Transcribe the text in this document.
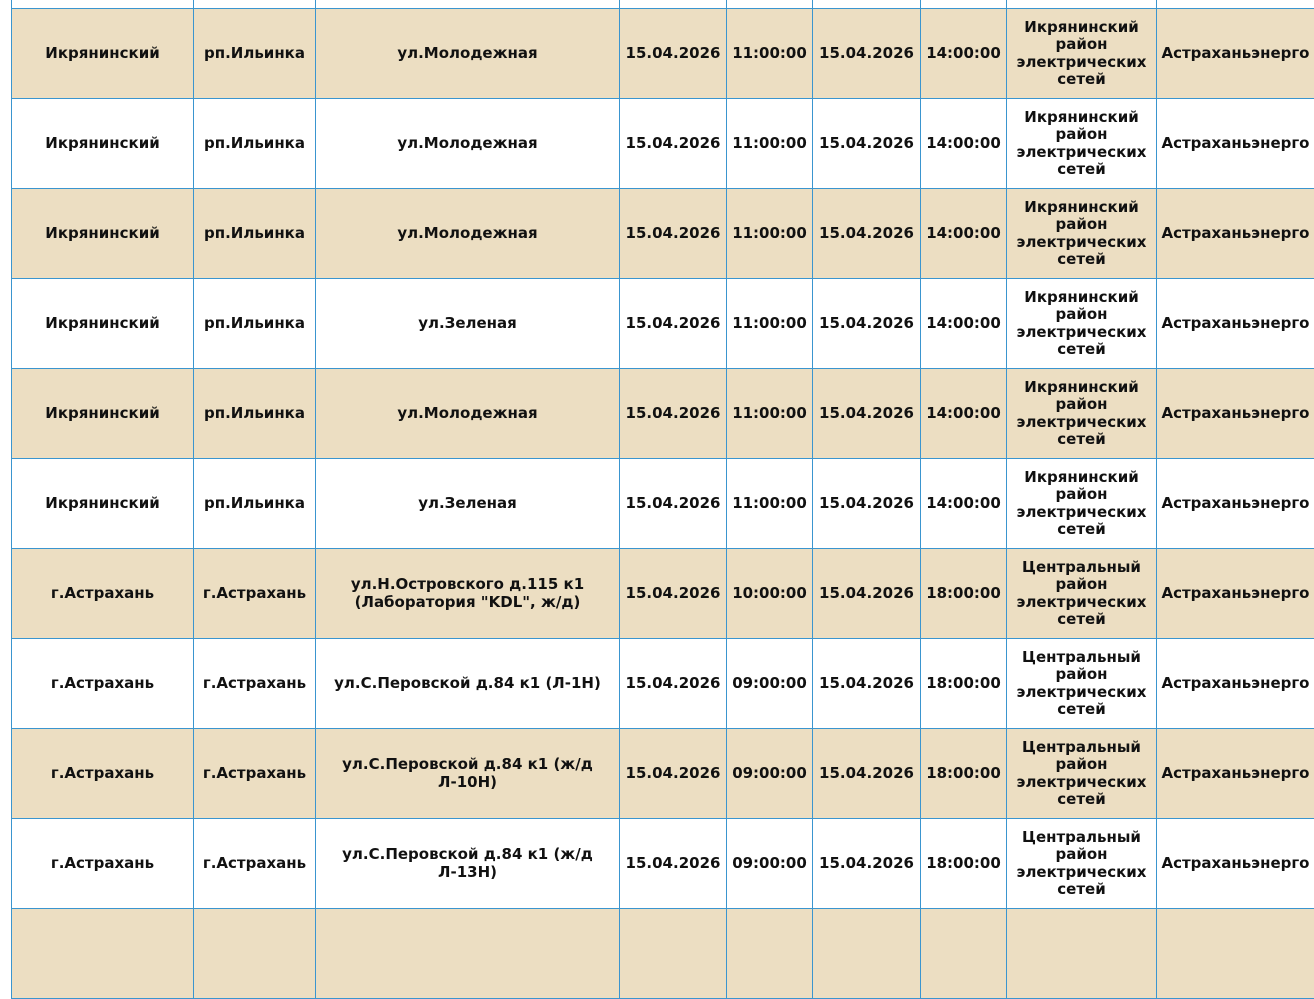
Икрянинский	рп.Ильинка	ул.Молодежная	15.04.2026	11:00:00	15.04.2026	14:00:00	Икрянинский район электрических сетей	Астраханьэнерго
Икрянинский	рп.Ильинка	ул.Молодежная	15.04.2026	11:00:00	15.04.2026	14:00:00	Икрянинский район электрических сетей	Астраханьэнерго
Икрянинский	рп.Ильинка	ул.Молодежная	15.04.2026	11:00:00	15.04.2026	14:00:00	Икрянинский район электрических сетей	Астраханьэнерго
Икрянинский	рп.Ильинка	ул.Зеленая	15.04.2026	11:00:00	15.04.2026	14:00:00	Икрянинский район электрических сетей	Астраханьэнерго
Икрянинский	рп.Ильинка	ул.Молодежная	15.04.2026	11:00:00	15.04.2026	14:00:00	Икрянинский район электрических сетей	Астраханьэнерго
Икрянинский	рп.Ильинка	ул.Зеленая	15.04.2026	11:00:00	15.04.2026	14:00:00	Икрянинский район электрических сетей	Астраханьэнерго
г.Астрахань	г.Астрахань	ул.Н.Островского д.115 к1 (Лаборатория "KDL", ж/д)	15.04.2026	10:00:00	15.04.2026	18:00:00	Центральный район электрических сетей	Астраханьэнерго
г.Астрахань	г.Астрахань	ул.С.Перовской д.84 к1 (Л-1Н)	15.04.2026	09:00:00	15.04.2026	18:00:00	Центральный район электрических сетей	Астраханьэнерго
г.Астрахань	г.Астрахань	ул.С.Перовской д.84 к1 (ж/д Л-10Н)	15.04.2026	09:00:00	15.04.2026	18:00:00	Центральный район электрических сетей	Астраханьэнерго
г.Астрахань	г.Астрахань	ул.С.Перовской д.84 к1 (ж/д Л-13Н)	15.04.2026	09:00:00	15.04.2026	18:00:00	Центральный район электрических сетей	Астраханьэнерго
